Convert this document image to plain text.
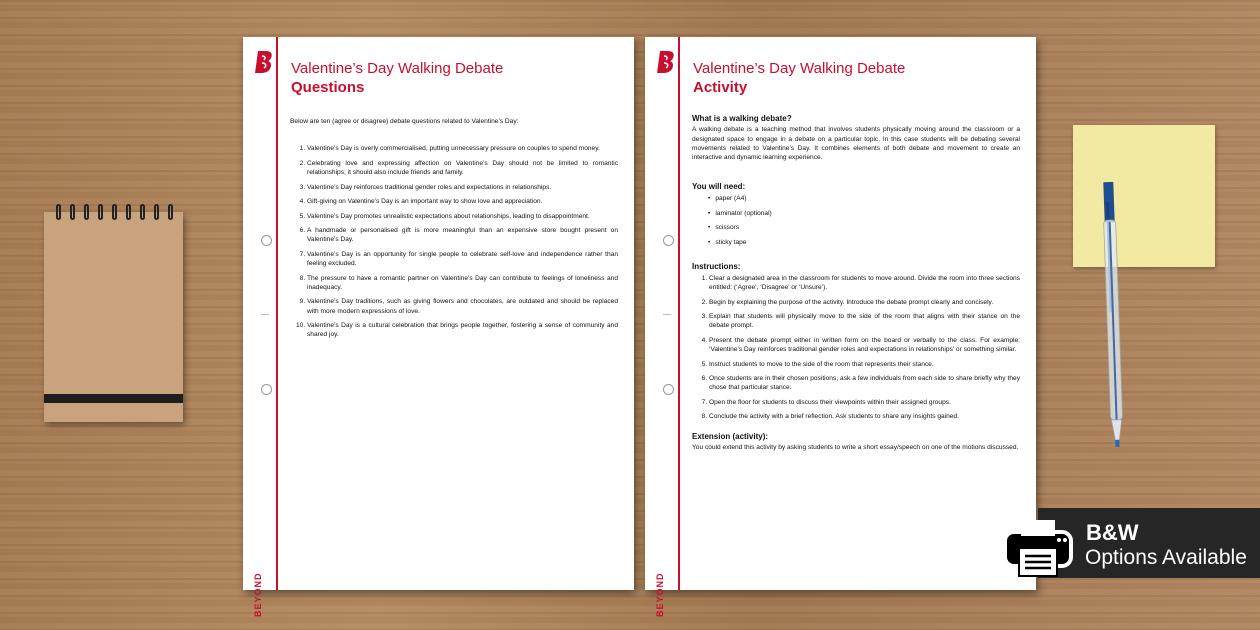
BEYOND
Valentine’s Day Walking Debate
Questions

Below are ten (agree or disagree) debate questions related to Valentine’s Day:

1. Valentine’s Day is overly commercialised, putting unnecessary pressure on couples to spend money.
2. Celebrating love and expressing affection on Valentine’s Day should not be limited to romantic relationships; it should also include friends and family.
3. Valentine’s Day reinforces traditional gender roles and expectations in relationships.
4. Gift-giving on Valentine’s Day is an important way to show love and appreciation.
5. Valentine’s Day promotes unrealistic expectations about relationships, leading to disappointment.
6. A handmade or personalised gift is more meaningful than an expensive store bought present on Valentine’s Day.
7. Valentine’s Day is an opportunity for single people to celebrate self-love and independence rather than feeling excluded.
8. The pressure to have a romantic partner on Valentine’s Day can contribute to feelings of loneliness and inadequacy.
9. Valentine’s Day traditions, such as giving flowers and chocolates, are outdated and should be replaced with more modern expressions of love.
10. Valentine’s Day is a cultural celebration that brings people together, fostering a sense of community and shared joy.
BEYOND
Valentine’s Day Walking Debate
Activity
What is a walking debate?

A walking debate is a teaching method that involves students physically moving around the classroom or a designated space to engage in a debate on a particular topic. In this case students will be debating several movements related to Valentine’s Day. It combines elements of both debate and movement to create an interactive and dynamic learning experience.

You will need:
• paper (A4)
• laminator (optional)
• scissors
• sticky tape
Instructions:
1. Clear a designated area in the classroom for students to move around. Divide the room into three sections entitled: (‘Agree’, ‘Disagree’ or ‘Unsure’).
2. Begin by explaining the purpose of the activity. Introduce the debate prompt clearly and concisely.
3. Explain that students will physically move to the side of the room that aligns with their stance on the debate prompt.
4. Present the debate prompt either in written form on the board or verbally to the class. For example: ‘Valentine’s Day reinforces traditional gender roles and expectations in relationships’ or something similar.
5. Instruct students to move to the side of the room that represents their stance.
6. Once students are in their chosen positions, ask a few individuals from each side to share briefly why they chose that particular stance.
7. Open the floor for students to discuss their viewpoints within their assigned groups.
8. Conclude the activity with a brief reflection. Ask students to share any insights gained.
Extension (activity):

You could extend this activity by asking students to write a short essay/speech on one of the motions discussed.

B&W
Options Available
